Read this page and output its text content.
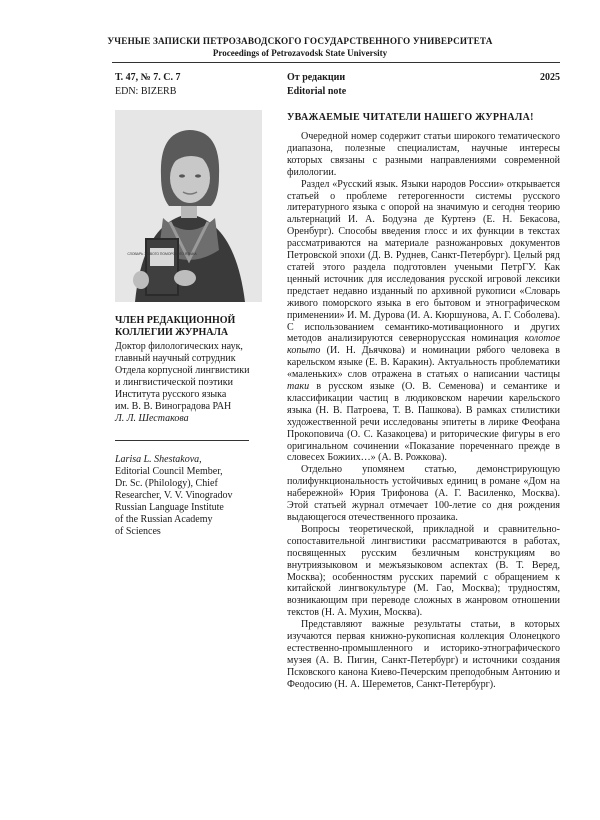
УЧЕНЫЕ ЗАПИСКИ ПЕТРОЗАВОДСКОГО ГОСУДАРСТВЕННОГО УНИВЕРСИТЕТА
Proceedings of Petrozavodsk State University
Т. 47, № 7. С. 7
EDN: BIZERB
От редакции
Editorial note
2025
СЛОВАРЬ ЖИВОГО ПОМОРСКОГО ЯЗЫКА
ЧЛЕН РЕДАКЦИОННОЙ
КОЛЛЕГИИ ЖУРНАЛА
Доктор филологических наук,
главный научный сотрудник
Отдела корпусной лингвистики
и лингвистической поэтики
Института русского языка
им. В. В. Виноградова РАН
Л. Л. Шестакова
Larisa L. Shestakova,
Editorial Council Member,
Dr. Sc. (Philology), Chief
Researcher, V. V. Vinogradov
Russian Language Institute
of the Russian Academy
of Sciences
УВАЖАЕМЫЕ ЧИТАТЕЛИ НАШЕГО ЖУРНАЛА!

Очередной номер содержит статьи широкого тематического диапазона, полезные специалистам, научные интересы которых связаны с разными направлениями современной филологии.

Раздел «Русский язык. Языки народов России» открывается статьей о проблеме гетерогенности системы русского литературного языка с опорой на значимую и сегодня теорию альтернаций И. А. Бодуэна де Куртенэ (Е. Н. Бекасова, Оренбург). Способы введения глосс и их функции в текстах рассматриваются на материале разножанровых документов Петровской эпохи (Д. В. Руднев, Санкт-Петербург). Целый ряд статей этого раздела подготовлен учеными ПетрГУ. Как ценный источник для исследования русской игровой лексики предстает недавно изданный по архивной рукописи «Словарь живого поморского языка в его бытовом и этнографическом применении» И. М. Дурова (И. А. Кюршунова, А. Г. Соболева). С использованием семантико-мотивационного и других методов анализируются севернорусская номинация колотое копыто (И. Н. Дьячкова) и номинации рябого человека в карельском языке (Е. В. Каракин). Актуальность проблематики «маленьких» слов отражена в статьях о написании частицы таки в русском языке (О. В. Семенова) и семантике и классификации частиц в людиковском наречии карельского языка (Н. В. Патроева, Т. В. Пашкова). В рамках стилистики художественной речи исследованы эпитеты в лирике Феофана Прокоповича (О. С. Казакоцева) и риторические фигуры в его оригинальном сочинении «Показание пореченнаго прежде в словесех Божиих…» (А. В. Рожкова).

Отдельно упомянем статью, демонстрирующую полифункциональность устойчивых единиц в романе «Дом на набережной» Юрия Трифонова (А. Г. Василенко, Москва). Этой статьей журнал отмечает 100-летие со дня рождения выдающегося отечественного прозаика.

Вопросы теоретической, прикладной и сравнительно-сопоставительной лингвистики рассматриваются в работах, посвященных русским безличным конструкциям во внутриязыковом и межъязыковом аспектах (В. Т. Веред, Москва); особенностям русских паремий с обращением к китайской лингвокультуре (М. Гао, Москва); трудностям, возникающим при переводе сложных в жанровом отношении текстов (Н. А. Мухин, Москва).

Представляют важные результаты статьи, в которых изучаются первая книжно-рукописная коллекция Олонецкого естественно-промышленного и историко-этнографического музея (А. В. Пигин, Санкт-Петербург) и источники создания Псковского канона Киево-Печерским преподобным Антонию и Феодосию (Н. А. Шереметов, Санкт-Петербург).
